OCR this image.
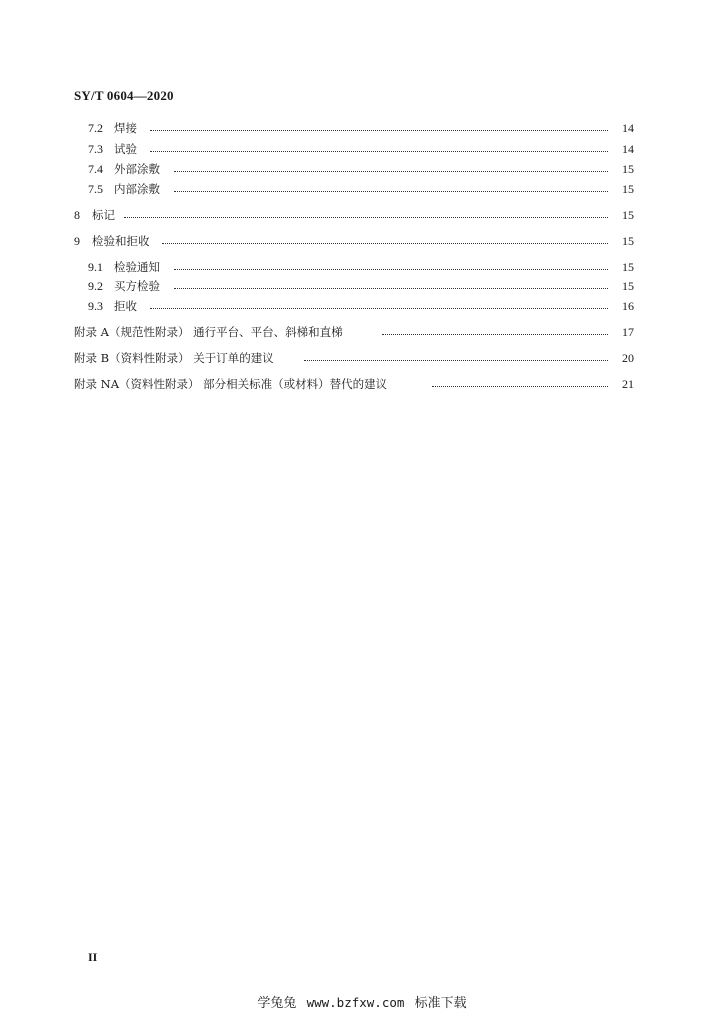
SY/T 0604—2020
7.2 焊接	14
7.3 试验	14
7.4 外部涂敷	15
7.5 内部涂敷	15
8 标记	15
9 检验和拒收	15
9.1 检验通知	15
9.2 买方检验	15
9.3 拒收	16
附录 A（规范性附录） 通行平台、平台、斜梯和直梯	17
附录 B（资料性附录） 关于订单的建议	20
附录 NA（资料性附录） 部分相关标准（或材料）替代的建议	21
II
学兔兔 www.bzfxw.com 标准下载
